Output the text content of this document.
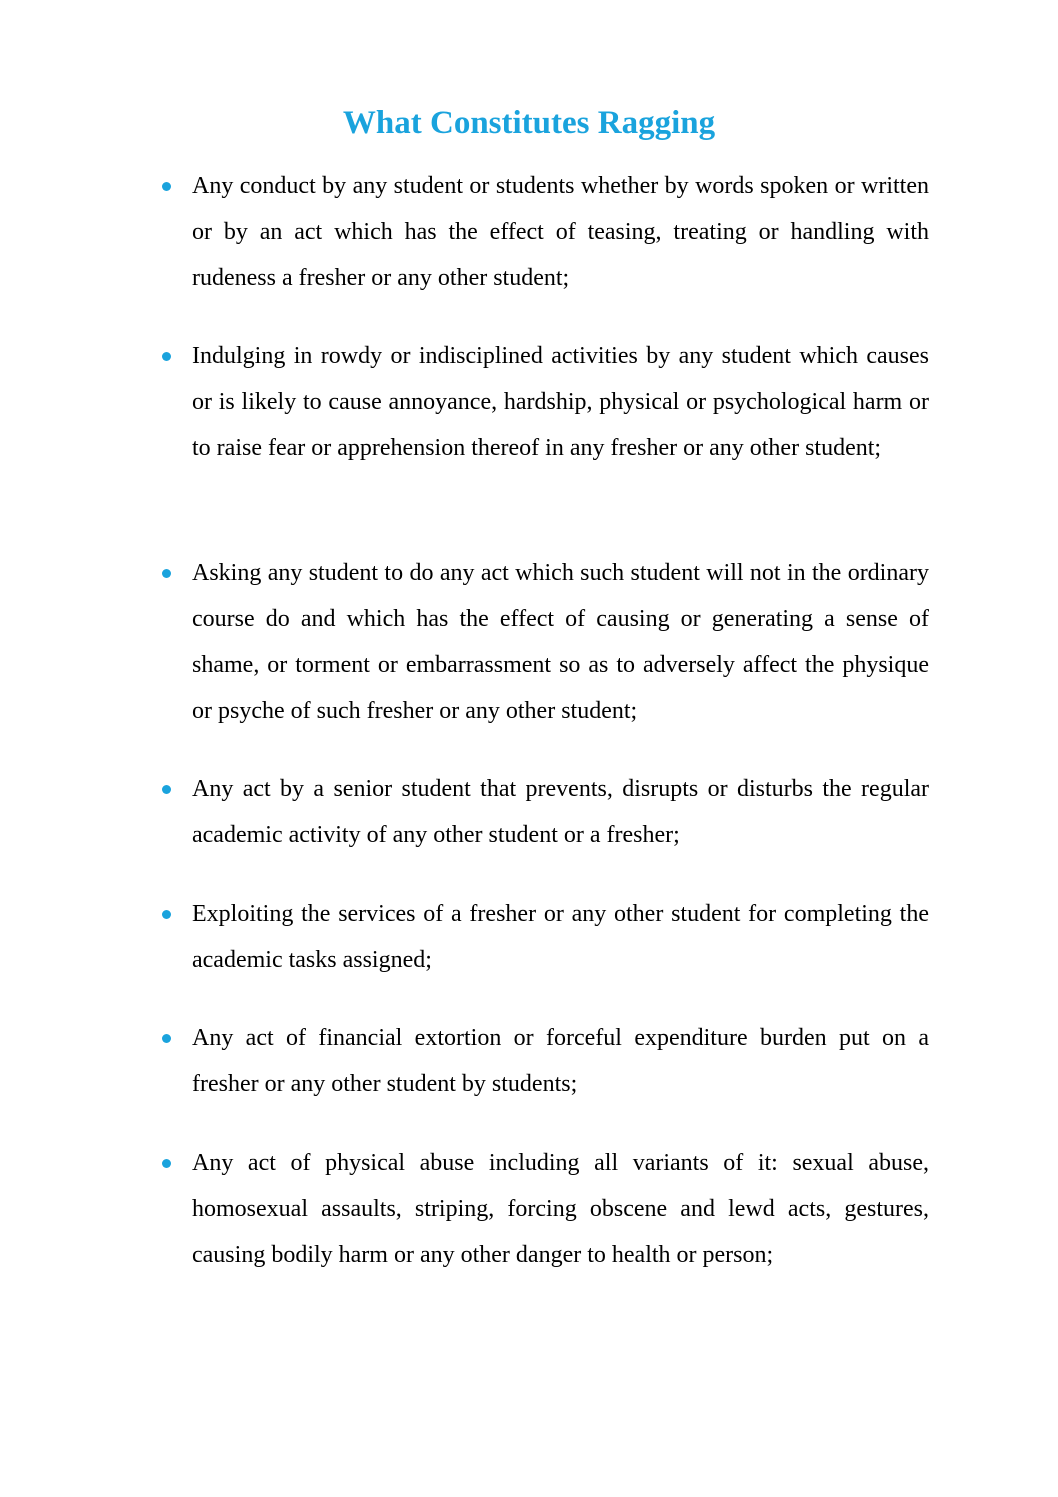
What Constitutes Ragging

Any conduct by any student or students whether by words spoken or written or by an act which has the effect of teasing, treating or handling with rudeness a fresher or any other student;

Indulging in rowdy or indisciplined activities by any student which causes or is likely to cause annoyance, hardship, physical or psychological harm or to raise fear or apprehension thereof in any fresher or any other student;

Asking any student to do any act which such student will not in the ordinary course do and which has the effect of causing or generating a sense of shame, or torment or embarrassment so as to adversely affect the physique or psyche of such fresher or any other student;

Any act by a senior student that prevents, disrupts or disturbs the regular academic activity of any other student or a fresher;

Exploiting the services of a fresher or any other student for completing the academic tasks assigned;

Any act of financial extortion or forceful expenditure burden put on a fresher or any other student by students;

Any act of physical abuse including all variants of it: sexual abuse, homosexual assaults, striping, forcing obscene and lewd acts, gestures, causing bodily harm or any other danger to health or person;
